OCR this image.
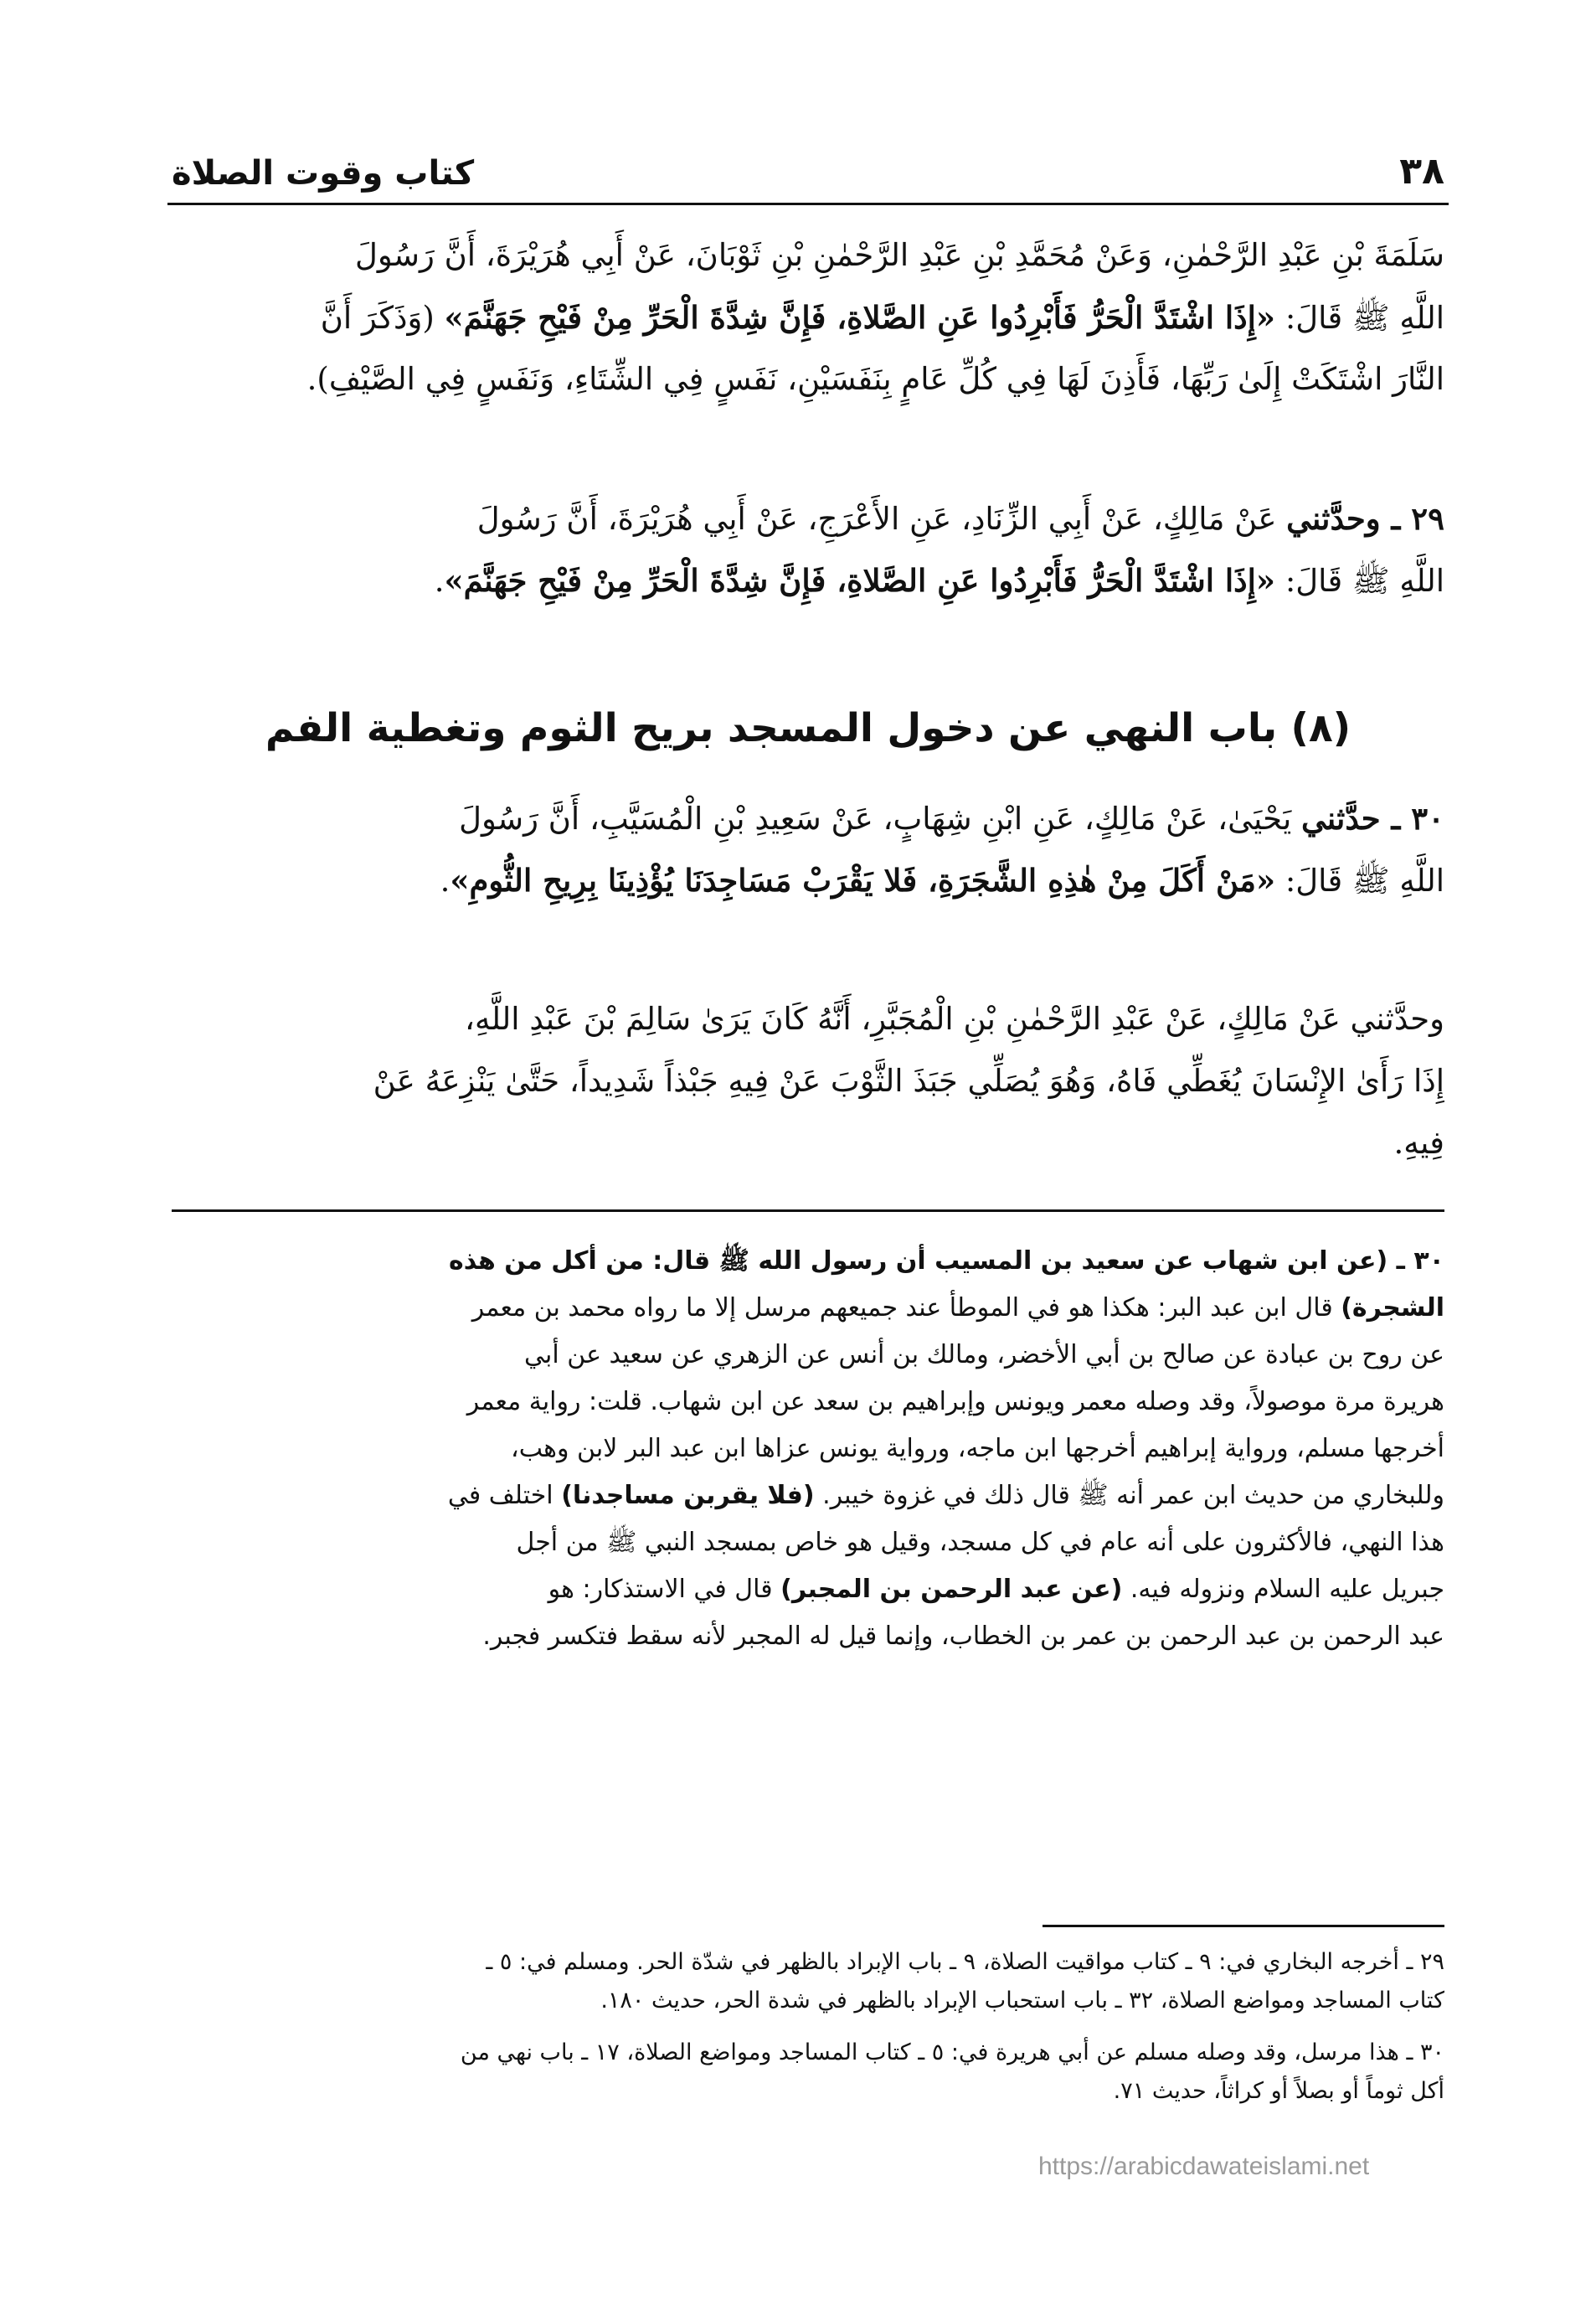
٣٨
كتاب وقوت الصلاة
سَلَمَةَ بْنِ عَبْدِ الرَّحْمٰنِ، وَعَنْ مُحَمَّدِ بْنِ عَبْدِ الرَّحْمٰنِ بْنِ ثَوْبَانَ، عَنْ أَبِي هُرَيْرَةَ، أَنَّ رَسُولَ
اللَّهِ ﷺ قَالَ: «إِذَا اشْتَدَّ الْحَرُّ فَأَبْرِدُوا عَنِ الصَّلاةِ، فَإِنَّ شِدَّةَ الْحَرِّ مِنْ فَيْحِ جَهَنَّمَ» (وَذَكَرَ أَنَّ
النَّارَ اشْتَكَتْ إِلَىٰ رَبِّهَا، فَأَذِنَ لَهَا فِي كُلِّ عَامٍ بِنَفَسَيْنِ، نَفَسٍ فِي الشِّتَاءِ، وَنَفَسٍ فِي الصَّيْفِ).
٢٩ ـ وحدَّثني عَنْ مَالِكٍ، عَنْ أَبِي الزِّنَادِ، عَنِ الأَعْرَجِ، عَنْ أَبِي هُرَيْرَةَ، أَنَّ رَسُولَ
اللَّهِ ﷺ قَالَ: «إِذَا اشْتَدَّ الْحَرُّ فَأَبْرِدُوا عَنِ الصَّلاةِ، فَإِنَّ شِدَّةَ الْحَرِّ مِنْ فَيْحِ جَهَنَّمَ».
(٨) باب النهي عن دخول المسجد بريح الثوم وتغطية الفم
٣٠ ـ حدَّثني يَحْيَىٰ، عَنْ مَالِكٍ، عَنِ ابْنِ شِهَابٍ، عَنْ سَعِيدِ بْنِ الْمُسَيَّبِ، أَنَّ رَسُولَ
اللَّهِ ﷺ قَالَ: «مَنْ أَكَلَ مِنْ هٰذِهِ الشَّجَرَةِ، فَلا يَقْرَبْ مَسَاجِدَنَا يُؤْذِينَا بِرِيحِ الثُّومِ».
وحدَّثني عَنْ مَالِكٍ، عَنْ عَبْدِ الرَّحْمٰنِ بْنِ الْمُجَبَّرِ، أَنَّهُ كَانَ يَرَىٰ سَالِمَ بْنَ عَبْدِ اللَّهِ،
إِذَا رَأَىٰ الإِنْسَانَ يُغَطِّي فَاهُ، وَهُوَ يُصَلِّي جَبَذَ الثَّوْبَ عَنْ فِيهِ جَبْذاً شَدِيداً، حَتَّىٰ يَنْزِعَهُ عَنْ
فِيهِ.
٣٠ ـ (عن ابن شهاب عن سعيد بن المسيب أن رسول الله ﷺ قال: من أكل من هذه
الشجرة) قال ابن عبد البر: هكذا هو في الموطأ عند جميعهم مرسل إلا ما رواه محمد بن معمر
عن روح بن عبادة عن صالح بن أبي الأخضر، ومالك بن أنس عن الزهري عن سعيد عن أبي
هريرة مرة موصولاً، وقد وصله معمر ويونس وإبراهيم بن سعد عن ابن شهاب. قلت: رواية معمر
أخرجها مسلم، ورواية إبراهيم أخرجها ابن ماجه، ورواية يونس عزاها ابن عبد البر لابن وهب،
وللبخاري من حديث ابن عمر أنه ﷺ قال ذلك في غزوة خيبر. (فلا يقربن مساجدنا) اختلف في
هذا النهي، فالأكثرون على أنه عام في كل مسجد، وقيل هو خاص بمسجد النبي ﷺ من أجل
جبريل عليه السلام ونزوله فيه. (عن عبد الرحمن بن المجبر) قال في الاستذكار: هو
عبد الرحمن بن عبد الرحمن بن عمر بن الخطاب، وإنما قيل له المجبر لأنه سقط فتكسر فجبر.
٢٩ ـ أخرجه البخاري في: ٩ ـ كتاب مواقيت الصلاة، ٩ ـ باب الإبراد بالظهر في شدّة الحر. ومسلم في: ٥ ـ
كتاب المساجد ومواضع الصلاة، ٣٢ ـ باب استحباب الإبراد بالظهر في شدة الحر، حديث ١٨٠.
٣٠ ـ هذا مرسل، وقد وصله مسلم عن أبي هريرة في: ٥ ـ كتاب المساجد ومواضع الصلاة، ١٧ ـ باب نهي من
أكل ثوماً أو بصلاً أو كراثاً، حديث ٧١.
https://arabicdawateislami.net
